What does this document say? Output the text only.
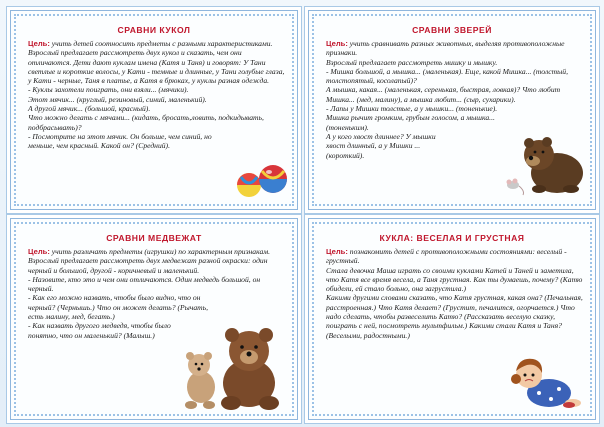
СРАВНИ КУКОЛ

Цель: учить детей соотносить предметы с разными характеристиками.

Взрослый предлагает рассмотреть двух кукол и сказать, чем они отличаются. Дети дают куклам имена (Катя и Таня) и говорят: У Тани светлые и короткие волосы, у Кати - темные и длинные, у Тани голубые глаза, у Кати - черные, Таня в платье, а Катя в брюках, у куклы разная одежда.

- Куклы захотели поиграть, они взяли... (мячики).

Этот мячик... (круглый, резиновый, синий, маленький).

А другой мячик... (большой, красный).

Что можно делать с мячами... (кидать, бросать,ловить, подкидывать, подбрасывать)?

- Посмотрите на этот мячик. Он больше, чем синий, но меньше, чем красный. Какой он? (Средний).

СРАВНИ ЗВЕРЕЙ

Цель: учить сравнивать разных животных, выделяя противоположные признаки.

Взрослый предлагает рассмотреть мишку и мышку.

- Мишка большой, а мышка... (маленькая). Еще, какой Мишка... (толстый, толстопятый, косолапый)?

А мышка, какая... (маленькая, серенькая, быстрая, ловкая)? Что любит Мишка... (мед, малину), а мышка любит... (сыр, сухарики).

- Лапы у Мишки толстые, а у мышки... (тоненькие).

Мишка рычит громким, грубым голосом, а мышка... (тоненьким).

А у кого хвост длиннее? У мышки хвост длинный, а у Мишки ... (короткий).

СРАВНИ МЕДВЕЖАТ

Цель: учить различать предметы (игрушки) по характерным признакам.

Взрослый предлагает рассмотреть двух медвежат разной окраски: один черный и большой, другой - коричневый и маленький.

- Назовите, кто это и чем они отличаются. Один медведь большой, он черный.

- Как его можно назвать, чтобы было видно, что он черный? (Чернышь.) Что он может делать? (Рычать, есть малину, мед, бегать.)

- Как назвать другого медведя, чтобы было понятно, что он маленький? (Малыш.)

КУКЛА: ВЕСЕЛАЯ И ГРУСТНАЯ

Цель: познакомить детей с противоположными состояниями: веселый - грустный.

Стала девочка Маша играть со своими куклами Катей и Таней и заметила, что Катя все время весела, а Таня грустная. Как ты думаешь, почему? (Катю обидели, ей стало больно, она загрустила.)

Какими другими словами сказать, что Катя грустная, какая она? (Печальная, расстроенная.) Что Катя делает? (Грустит, печалится, огорчается.) Что надо сделать, чтобы развеселить Катю? (Рассказать веселую сказку, поиграть с ней, посмотреть мультфильм.) Какими стали Катя и Таня? (Веселыми, радостными.)
